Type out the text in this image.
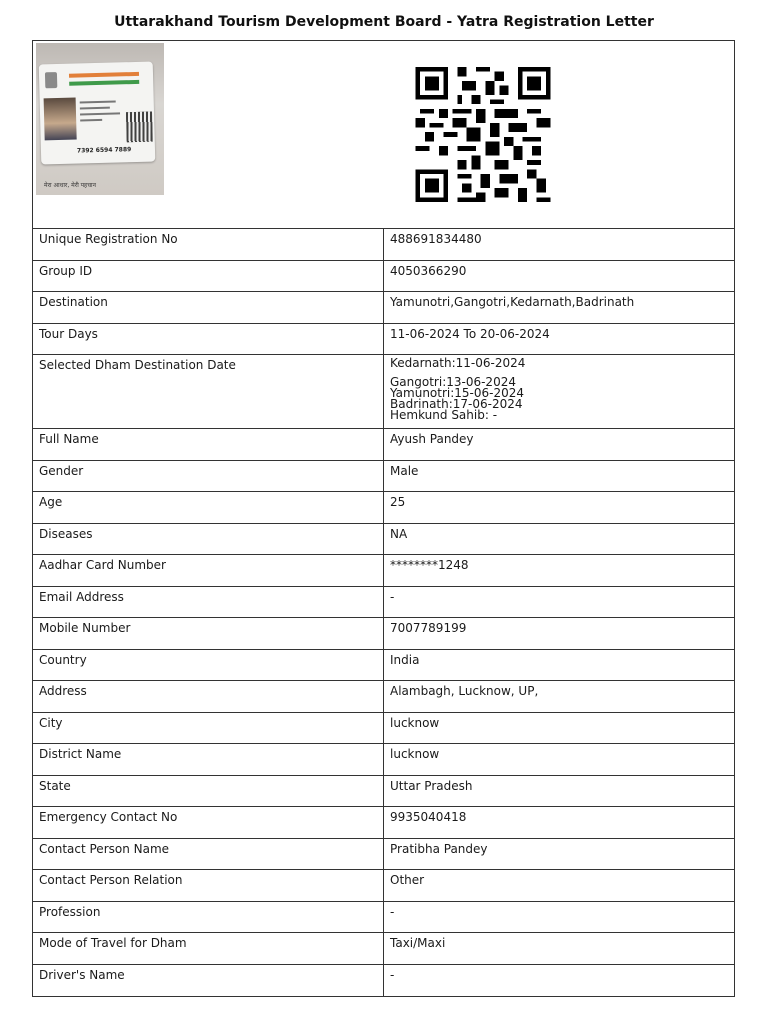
Uttarakhand Tourism Development Board - Yatra Registration Letter
7392 6594 7889
मेरा आधार, मेरी पहचान
Unique Registration No	488691834480
Group ID	4050366290
Destination	Yamunotri,Gangotri,Kedarnath,Badrinath
Tour Days	11-06-2024 To 20-06-2024
Selected Dham Destination Date	Kedarnath:11-06-2024
Gangotri:13-06-2024
Yamunotri:15-06-2024
Badrinath:17-06-2024
Hemkund Sahib: -
Full Name	Ayush Pandey
Gender	Male
Age	25
Diseases	NA
Aadhar Card Number	********1248
Email Address	-
Mobile Number	7007789199
Country	India
Address	Alambagh, Lucknow, UP,
City	lucknow
District Name	lucknow
State	Uttar Pradesh
Emergency Contact No	9935040418
Contact Person Name	Pratibha Pandey
Contact Person Relation	Other
Profession	-
Mode of Travel for Dham	Taxi/Maxi
Driver's Name	-
